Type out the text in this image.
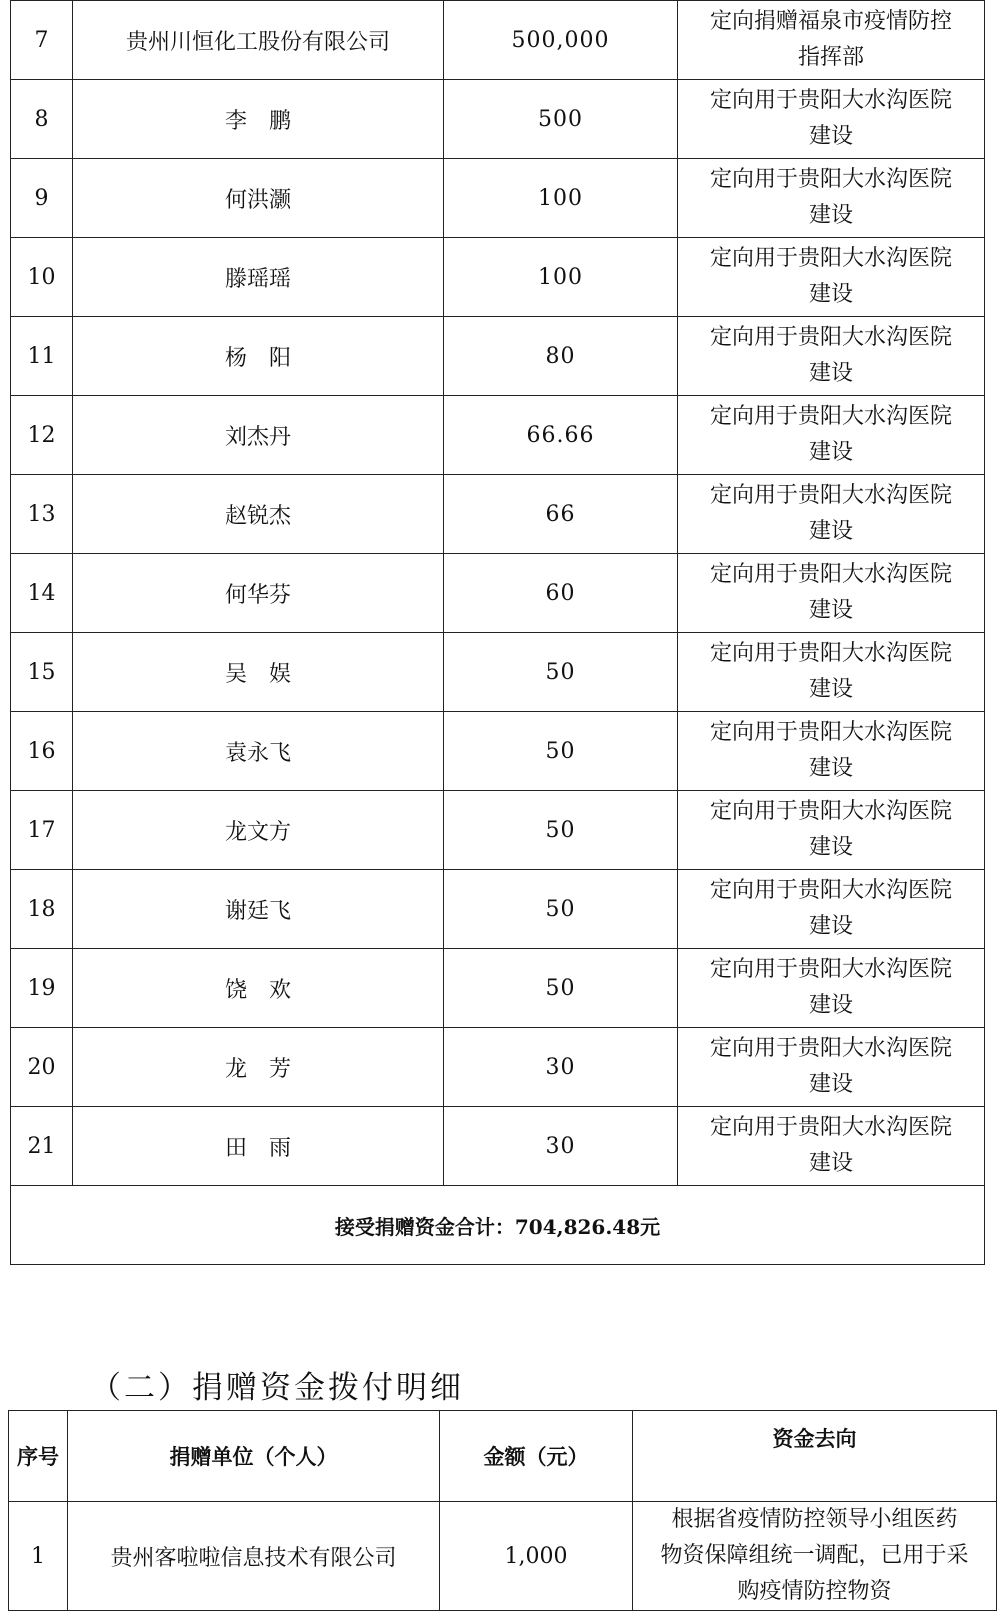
7	贵州川恒化工股份有限公司	500,000	定向捐赠福泉市疫情防控
指挥部

8	李　鹏	500	定向用于贵阳大水沟医院
建设

9	何洪灏	100	定向用于贵阳大水沟医院
建设

10	滕瑶瑶	100	定向用于贵阳大水沟医院
建设

11	杨　阳	80	定向用于贵阳大水沟医院
建设

12	刘杰丹	66.66	定向用于贵阳大水沟医院
建设

13	赵锐杰	66	定向用于贵阳大水沟医院
建设

14	何华芬	60	定向用于贵阳大水沟医院
建设

15	吴　娱	50	定向用于贵阳大水沟医院
建设

16	袁永飞	50	定向用于贵阳大水沟医院
建设

17	龙文方	50	定向用于贵阳大水沟医院
建设

18	谢廷飞	50	定向用于贵阳大水沟医院
建设

19	饶　欢	50	定向用于贵阳大水沟医院
建设

20	龙　芳	30	定向用于贵阳大水沟医院
建设

21	田　雨	30	定向用于贵阳大水沟医院
建设

接受捐赠资金合计：704,826.48元			
（二）捐赠资金拨付明细
序号	捐赠单位（个人）	金额（元）	资金去向
1	贵州客啦啦信息技术有限公司	1,000	根据省疫情防控领导小组医药
物资保障组统一调配，已用于采
购疫情防控物资
